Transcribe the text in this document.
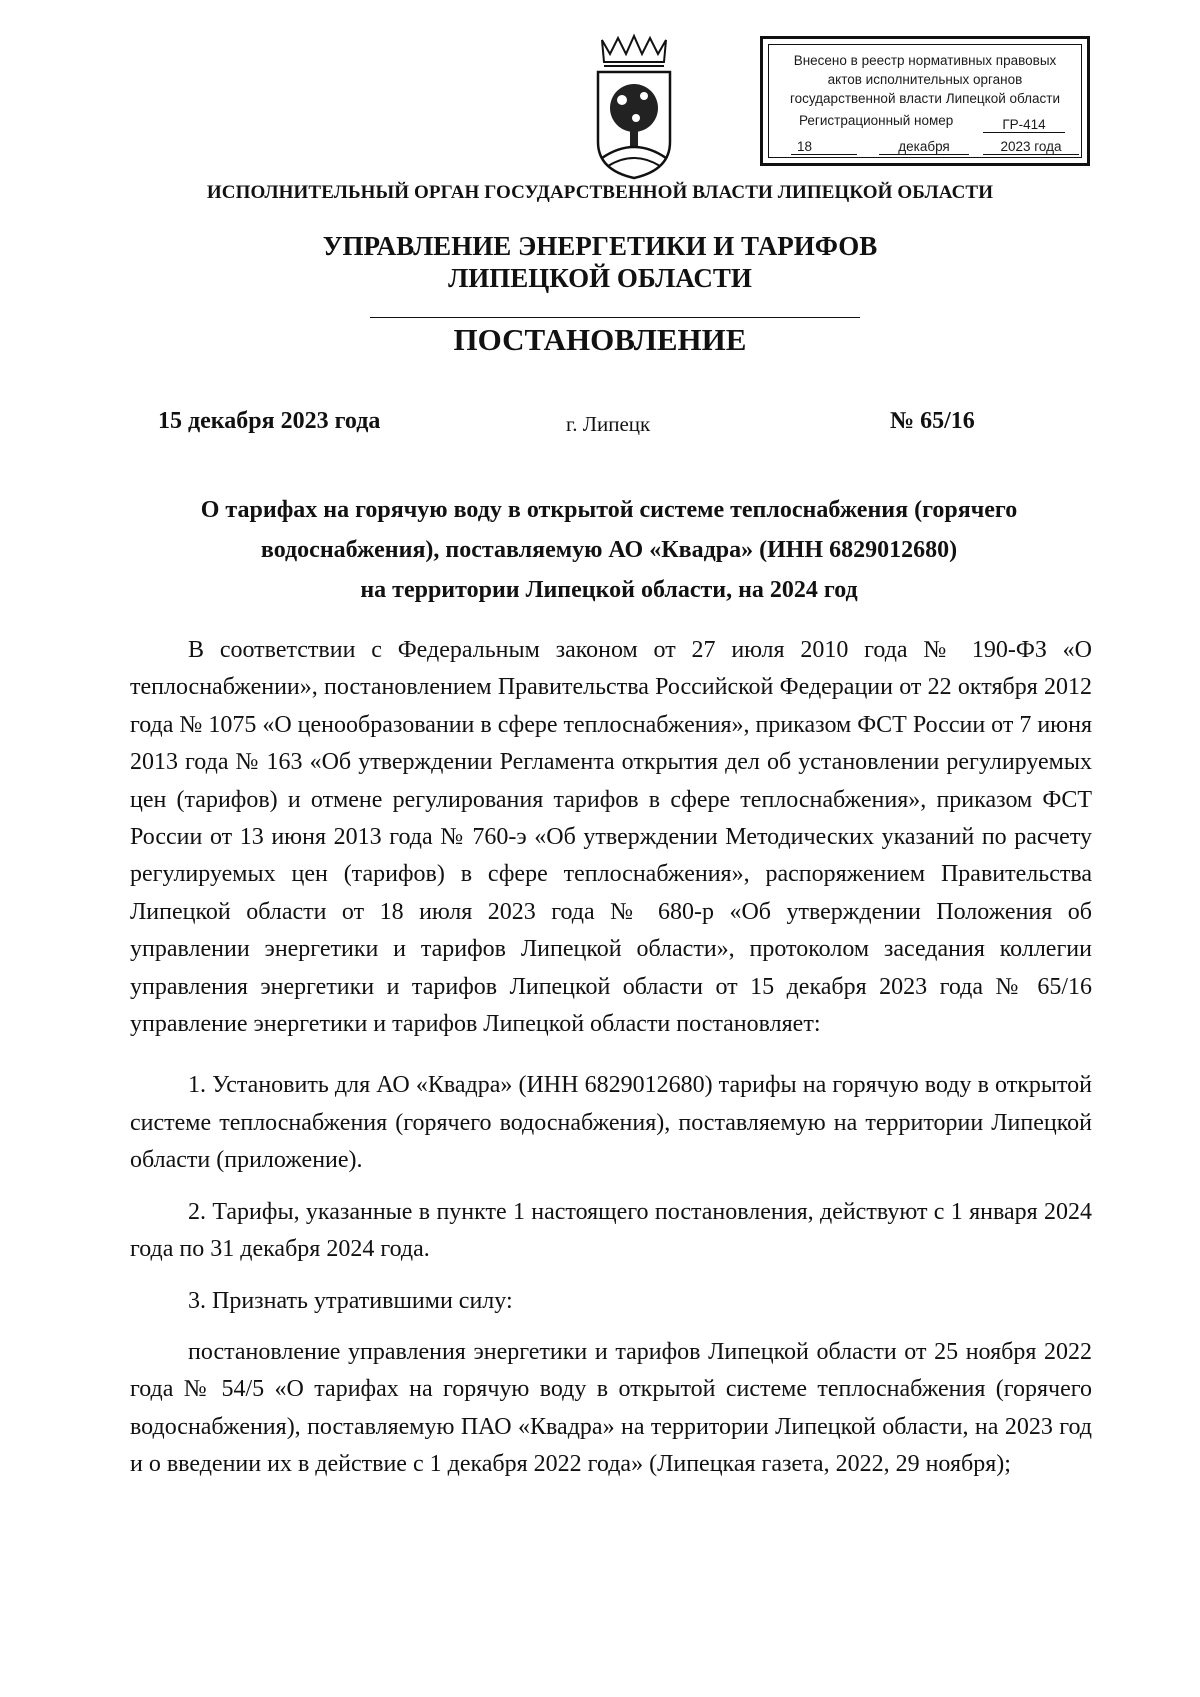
Внесено в реестр нормативных правовых
актов исполнительных органов
государственной власти Липецкой области
Регистрационный номер	ГР-414
18	декабря	2023 года
ИСПОЛНИТЕЛЬНЫЙ ОРГАН ГОСУДАРСТВЕННОЙ ВЛАСТИ ЛИПЕЦКОЙ ОБЛАСТИ
УПРАВЛЕНИЕ ЭНЕРГЕТИКИ И ТАРИФОВ
ЛИПЕЦКОЙ ОБЛАСТИ
ПОСТАНОВЛЕНИЕ
15 декабря 2023 года	г. Липецк	№ 65/16
О тарифах на горячую воду в открытой системе теплоснабжения (горячего
водоснабжения), поставляемую АО «Квадра» (ИНН 6829012680)
на территории Липецкой области, на 2024 год

В соответствии с Федеральным законом от 27 июля 2010 года № 190-ФЗ «О теплоснабжении», постановлением Правительства Российской Федерации от 22 октября 2012 года № 1075 «О ценообразовании в сфере теплоснабжения», приказом ФСТ России от 7 июня 2013 года № 163 «Об утверждении Регламента открытия дел об установлении регулируемых цен (тарифов) и отмене регулирования тарифов в сфере теплоснабжения», приказом ФСТ России от 13 июня 2013 года № 760-э «Об утверждении Методических указаний по расчету регулируемых цен (тарифов) в сфере теплоснабжения», распоряжением Правительства Липецкой области от 18 июля 2023 года № 680-р «Об утверждении Положения об управлении энергетики и тарифов Липецкой области», протоколом заседания коллегии управления энергетики и тарифов Липецкой области от 15 декабря 2023 года № 65/16 управление энергетики и тарифов Липецкой области постановляет:

1. Установить для АО «Квадра» (ИНН 6829012680) тарифы на горячую воду в открытой системе теплоснабжения (горячего водоснабжения), поставляемую на территории Липецкой области (приложение).

2. Тарифы, указанные в пункте 1 настоящего постановления, действуют с 1 января 2024 года по 31 декабря 2024 года.

3. Признать утратившими силу:

постановление управления энергетики и тарифов Липецкой области от 25 ноября 2022 года № 54/5 «О тарифах на горячую воду в открытой системе теплоснабжения (горячего водоснабжения), поставляемую ПАО «Квадра» на территории Липецкой области, на 2023 год и о введении их в действие с 1 декабря 2022 года» (Липецкая газета, 2022, 29 ноября);
